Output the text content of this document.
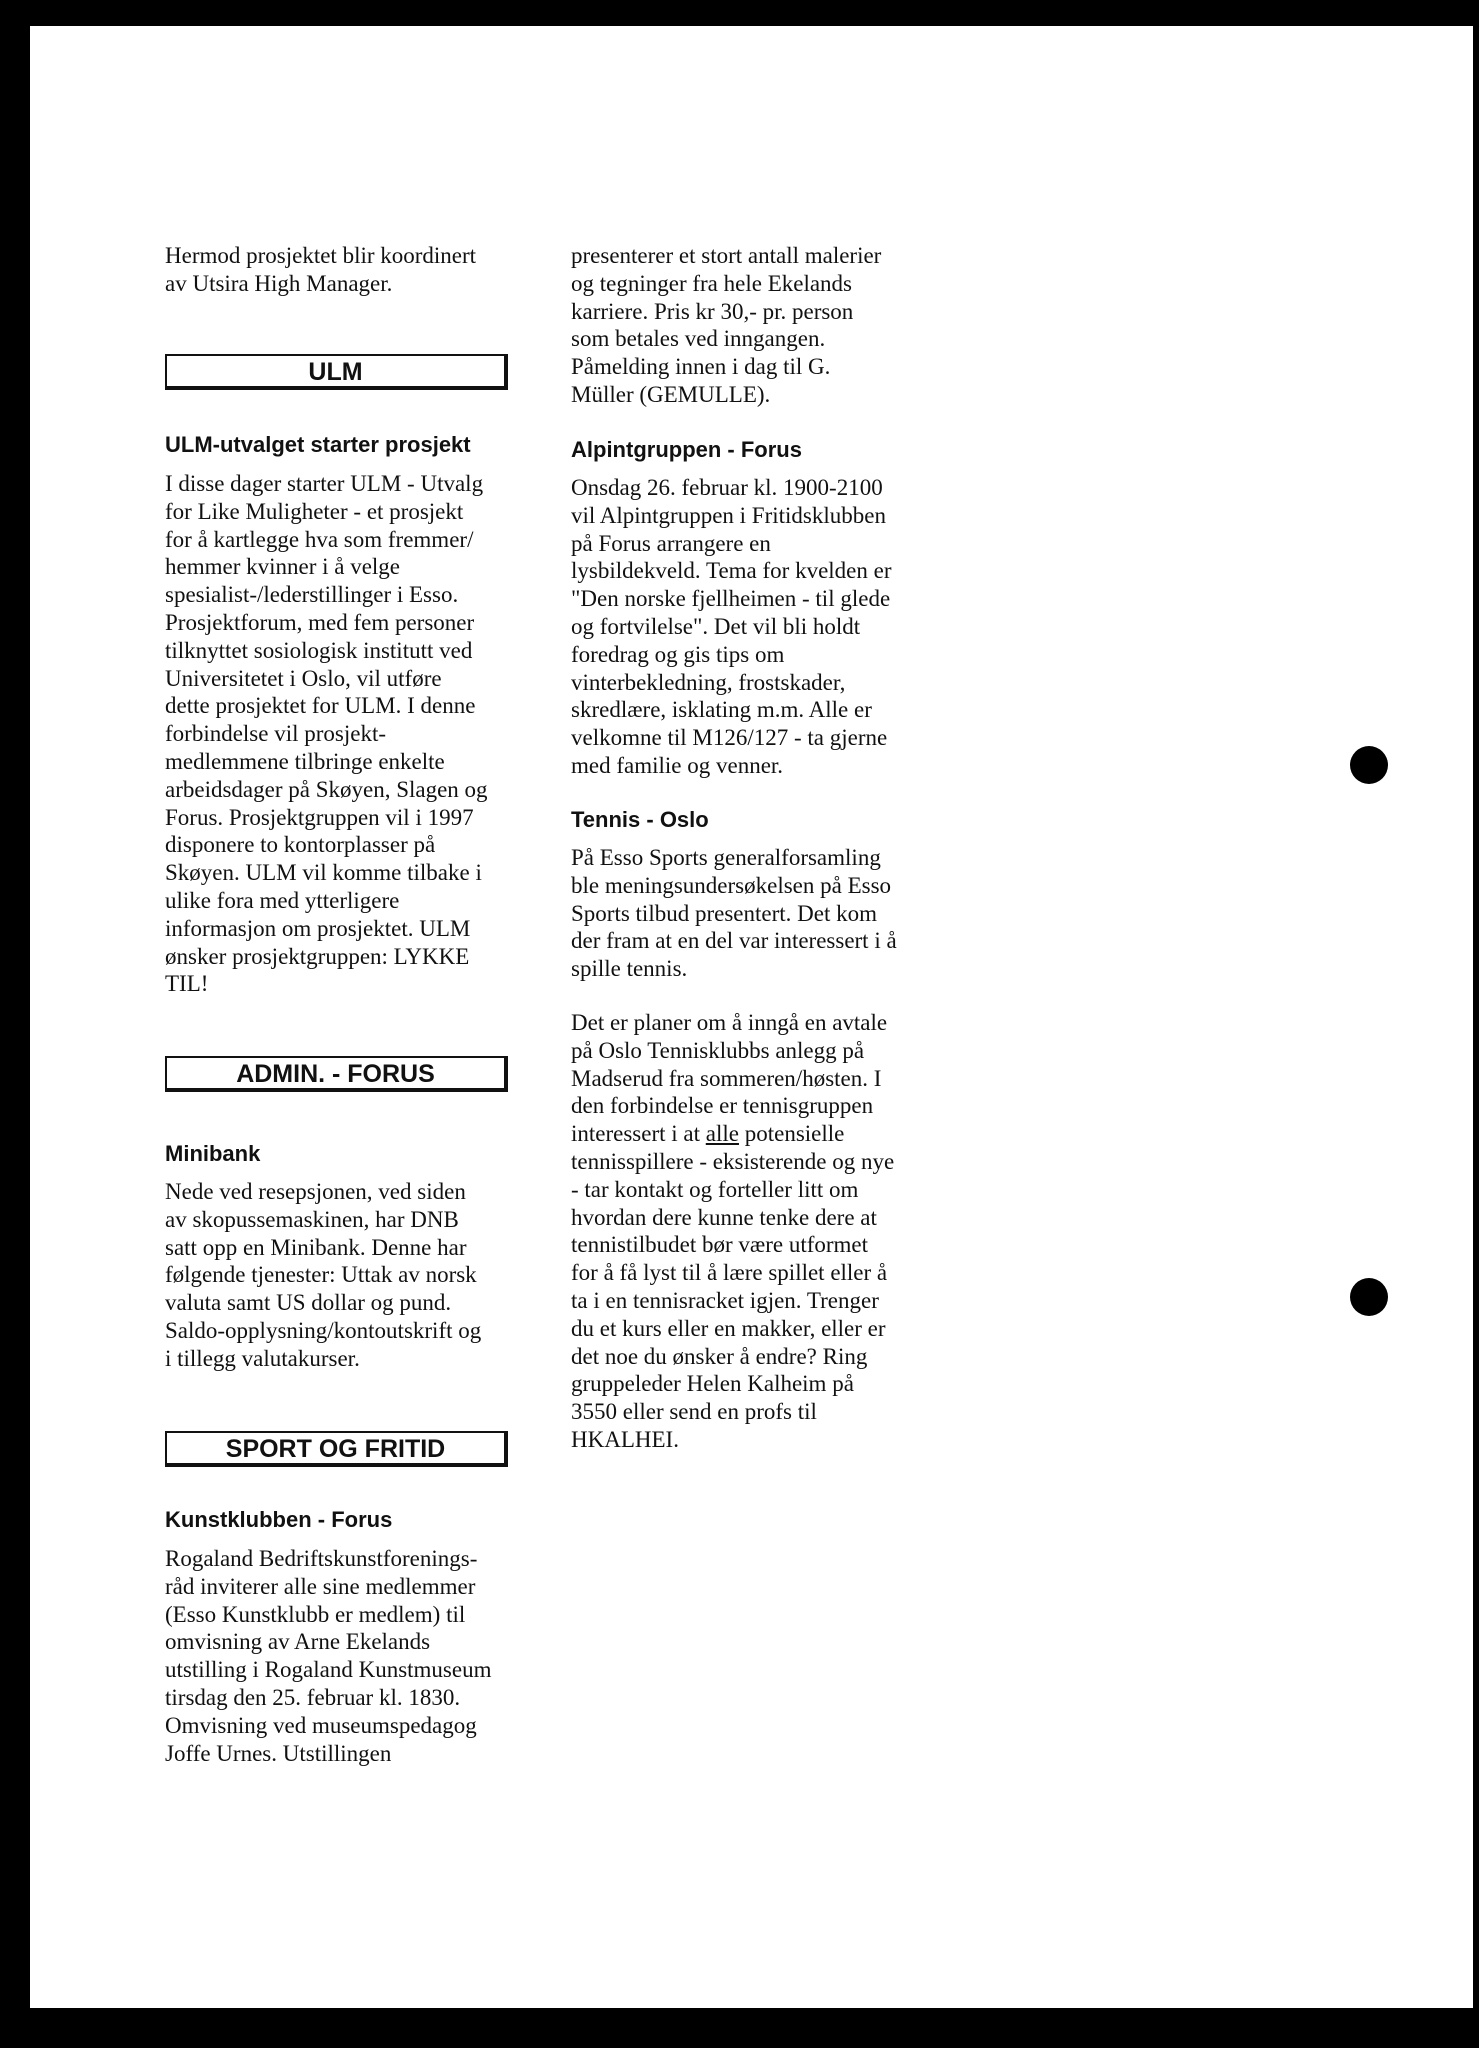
Hermod prosjektet blir koordinert
av Utsira High Manager.

ULM

ULM-utvalget starter prosjekt

I disse dager starter ULM - Utvalg
for Like Muligheter - et prosjekt
for å kartlegge hva som fremmer/
hemmer kvinner i å velge
spesialist-/lederstillinger i Esso.
Prosjektforum, med fem personer
tilknyttet sosiologisk institutt ved
Universitetet i Oslo, vil utføre
dette prosjektet for ULM. I denne
forbindelse vil prosjekt-
medlemmene tilbringe enkelte
arbeidsdager på Skøyen, Slagen og
Forus. Prosjektgruppen vil i 1997
disponere to kontorplasser på
Skøyen. ULM vil komme tilbake i
ulike fora med ytterligere
informasjon om prosjektet. ULM
ønsker prosjektgruppen: LYKKE
TIL!

ADMIN. - FORUS

Minibank

Nede ved resepsjonen, ved siden
av skopussemaskinen, har DNB
satt opp en Minibank. Denne har
følgende tjenester: Uttak av norsk
valuta samt US dollar og pund.
Saldo-opplysning/kontoutskrift og
i tillegg valutakurser.

SPORT OG FRITID

Kunstklubben - Forus

Rogaland Bedriftskunstforenings-
råd inviterer alle sine medlemmer
(Esso Kunstklubb er medlem) til
omvisning av Arne Ekelands
utstilling i Rogaland Kunstmuseum
tirsdag den 25. februar kl. 1830.
Omvisning ved museumspedagog
Joffe Urnes. Utstillingen

presenterer et stort antall malerier
og tegninger fra hele Ekelands
karriere. Pris kr 30,- pr. person
som betales ved inngangen.
Påmelding innen i dag til G.
Müller (GEMULLE).

Alpintgruppen - Forus

Onsdag 26. februar kl. 1900-2100
vil Alpintgruppen i Fritidsklubben
på Forus arrangere en
lysbildekveld. Tema for kvelden er
"Den norske fjellheimen - til glede
og fortvilelse". Det vil bli holdt
foredrag og gis tips om
vinterbekledning, frostskader,
skredlære, isklating m.m. Alle er
velkomne til M126/127 - ta gjerne
med familie og venner.

Tennis - Oslo

På Esso Sports generalforsamling
ble meningsundersøkelsen på Esso
Sports tilbud presentert. Det kom
der fram at en del var interessert i å
spille tennis.

Det er planer om å inngå en avtale
på Oslo Tennisklubbs anlegg på
Madserud fra sommeren/høsten. I
den forbindelse er tennisgruppen
interessert i at alle potensielle
tennisspillere - eksisterende og nye
- tar kontakt og forteller litt om
hvordan dere kunne tenke dere at
tennistilbudet bør være utformet
for å få lyst til å lære spillet eller å
ta i en tennisracket igjen. Trenger
du et kurs eller en makker, eller er
det noe du ønsker å endre? Ring
gruppeleder Helen Kalheim på
3550 eller send en profs til
HKALHEI.
